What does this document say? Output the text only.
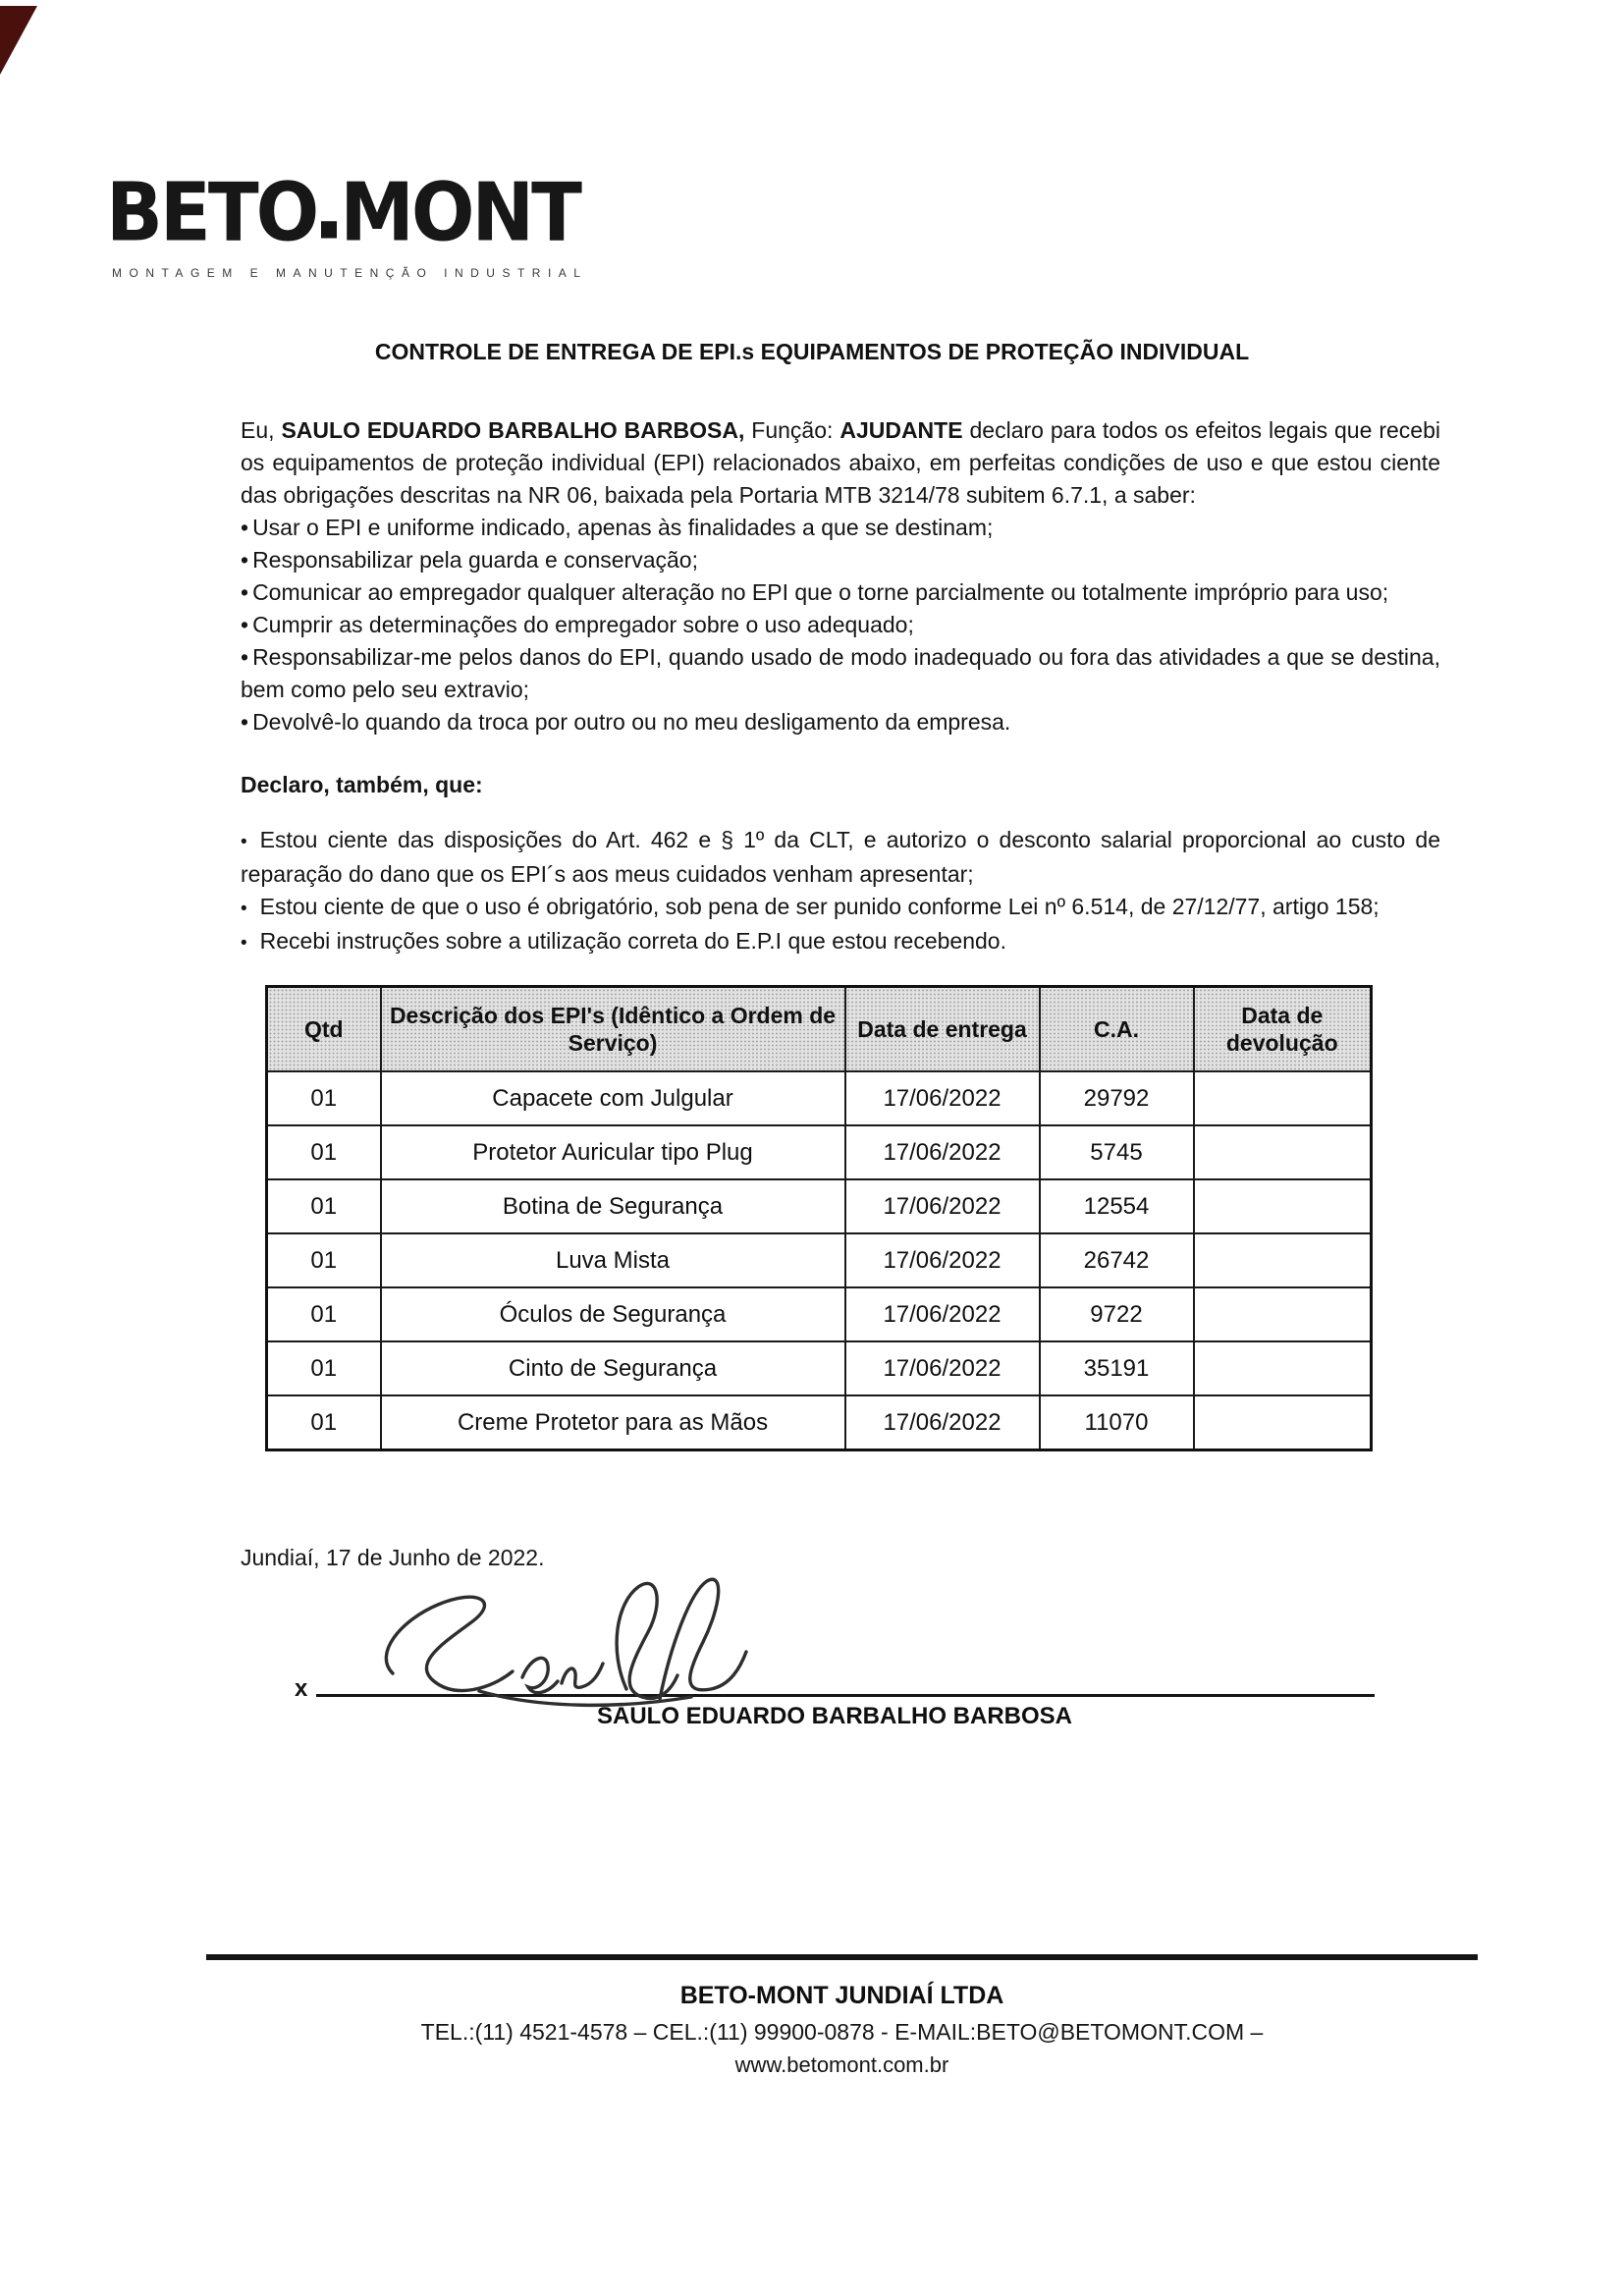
BETO MONT
MONTAGEM E MANUTENÇÃO INDUSTRIAL
CONTROLE DE ENTREGA DE EPI.s EQUIPAMENTOS DE PROTEÇÃO INDIVIDUAL

Eu, SAULO EDUARDO BARBALHO BARBOSA, Função: AJUDANTE declaro para todos os efeitos legais que recebi os equipamentos de proteção individual (EPI) relacionados abaixo, em perfeitas condições de uso e que estou ciente das obrigações descritas na NR 06, baixada pela Portaria MTB 3214/78 subitem 6.7.1, a saber:

• Usar o EPI e uniforme indicado, apenas às finalidades a que se destinam;

• Responsabilizar pela guarda e conservação;

• Comunicar ao empregador qualquer alteração no EPI que o torne parcialmente ou totalmente impróprio para uso;

• Cumprir as determinações do empregador sobre o uso adequado;

• Responsabilizar-me pelos danos do EPI, quando usado de modo inadequado ou fora das atividades a que se destina, bem como pelo seu extravio;

• Devolvê-lo quando da troca por outro ou no meu desligamento da empresa.

Declaro, também, que:

• Estou ciente das disposições do Art. 462 e § 1º da CLT, e autorizo o desconto salarial proporcional ao custo de reparação do dano que os EPI´s aos meus cuidados venham apresentar;

• Estou ciente de que o uso é obrigatório, sob pena de ser punido conforme Lei nº 6.514, de 27/12/77, artigo 158;

• Recebi instruções sobre a utilização correta do E.P.I que estou recebendo.

Qtd	Descrição dos EPI's (Idêntico a Ordem de Serviço)	Data de entrega	C.A.	Data de devolução
01	Capacete com Julgular	17/06/2022	29792	
01	Protetor Auricular tipo Plug	17/06/2022	5745	
01	Botina de Segurança	17/06/2022	12554	
01	Luva Mista	17/06/2022	26742	
01	Óculos de Segurança	17/06/2022	9722	
01	Cinto de Segurança	17/06/2022	35191	
01	Creme Protetor para as Mãos	17/06/2022	11070	

Jundiaí, 17 de Junho de 2022.

x
SAULO EDUARDO BARBALHO BARBOSA
BETO-MONT JUNDIAÍ LTDA
TEL.:(11) 4521-4578 – CEL.:(11) 99900-0878 - E-MAIL:BETO@BETOMONT.COM –
www.betomont.com.br
